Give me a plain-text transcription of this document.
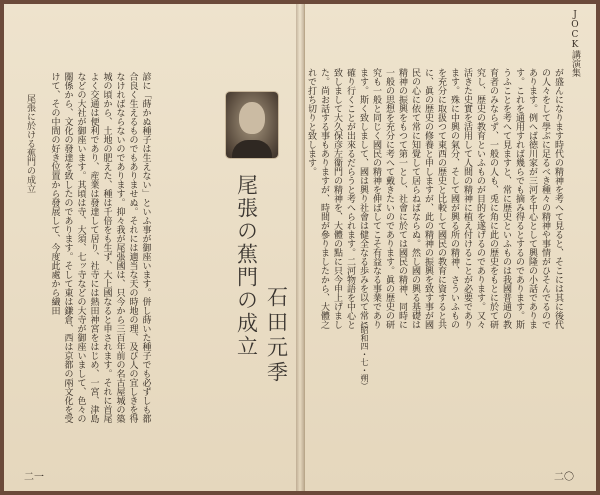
諺に「蒔かぬ種子は生えない」といふ事が御座います。併し蒔いた種子でも必ずしも都合良く生えるものでもありませぬ。それには適当な天の時地の理、及び人の宜しきを得なければならないのであります。抑々我が尾張國は、只今から三百年前の名古屋城の築城の頃から、土地の肥えた、種は千倍をも生ず、大上國なると申されます。それに首尾よく交通は便利であり、産業は發達して居り、社寺には熱田神宮をはじめ、一宮、津島などの大社が御座います。其頃は寺、大須、七ッ寺などの大寺が御座いまして、色々の關係から、文化の發達を致したのであります。そして東は鎌倉、西は京都の兩文化を受けて、その中間の好き位置から發展して、今度此處から繊田
尾張に於ける蕉門の成立
尾張の蕉門の成立 石田元季
二一
JOCK講演集
が盛んになります時代の精神を考へて見ると、そこには其に後代の人々をして學ぶに足るべき種々の精神や事情がひそんでるのであります。例へば徳川家が三河を中心として興隆の小話であります。これを通用すれば幾らでも摘み得るとするのであります。斯うふことを考へて見ますと、常に歴史といふものは我國普通の教育者のみならず、一般の人も、兎に角に此の歴史をもとに於て研究し、歴史の教育といふものが目的を遂げるのであります。又々活きた史實を活用して人間の精神に植え付けることが必要であります。殊に中興の氣分、そして國が興る所の精神、さういふものを充分に取扱つて東西の歴史と比較して國民の教育に資すると共に、眞の歴史の修養と申しますが、此の精神の振興を致す事が國民の心に依て常に知覺して居らねばならぬ。然し國の興る基礎は精神の振興をもつて第一とし、社會に於ては國民の精神、同時に一般の思想を充分に考へて戴きたいのであります。眞の歴史の研究も一般と同じく國民の精神を伸ばしてこそ有益なる事業であります。斯く致しまして、國は興り社會は健全なる歩みを以て常に確り行くことが出來るだらうと考へられます。二河物語を中心と致しまして大久保彦左衞門の精神を、大體の點に只今申上げました。尚お話する事もありますが、時間が參りましたから、大體之れで打ち切りと致します。
（昭和四・七・朔）
二〇
